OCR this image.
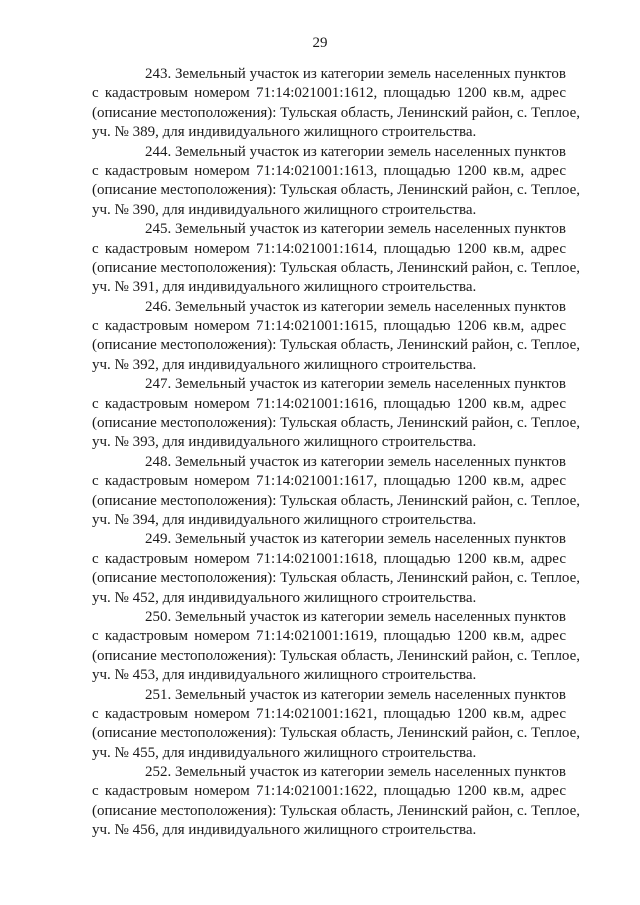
29

243. Земельный участок из категории земель населенных пунктов
с кадастровым номером 71:14:021001:1612, площадью 1200 кв.м, адрес
(описание местоположения): Тульская область, Ленинский район, с. Теплое,
уч. № 389, для индивидуального жилищного строительства.

244. Земельный участок из категории земель населенных пунктов
с кадастровым номером 71:14:021001:1613, площадью 1200 кв.м, адрес
(описание местоположения): Тульская область, Ленинский район, с. Теплое,
уч. № 390, для индивидуального жилищного строительства.

245. Земельный участок из категории земель населенных пунктов
с кадастровым номером 71:14:021001:1614, площадью 1200 кв.м, адрес
(описание местоположения): Тульская область, Ленинский район, с. Теплое,
уч. № 391, для индивидуального жилищного строительства.

246. Земельный участок из категории земель населенных пунктов
с кадастровым номером 71:14:021001:1615, площадью 1206 кв.м, адрес
(описание местоположения): Тульская область, Ленинский район, с. Теплое,
уч. № 392, для индивидуального жилищного строительства.

247. Земельный участок из категории земель населенных пунктов
с кадастровым номером 71:14:021001:1616, площадью 1200 кв.м, адрес
(описание местоположения): Тульская область, Ленинский район, с. Теплое,
уч. № 393, для индивидуального жилищного строительства.

248. Земельный участок из категории земель населенных пунктов
с кадастровым номером 71:14:021001:1617, площадью 1200 кв.м, адрес
(описание местоположения): Тульская область, Ленинский район, с. Теплое,
уч. № 394, для индивидуального жилищного строительства.

249. Земельный участок из категории земель населенных пунктов
с кадастровым номером 71:14:021001:1618, площадью 1200 кв.м, адрес
(описание местоположения): Тульская область, Ленинский район, с. Теплое,
уч. № 452, для индивидуального жилищного строительства.

250. Земельный участок из категории земель населенных пунктов
с кадастровым номером 71:14:021001:1619, площадью 1200 кв.м, адрес
(описание местоположения): Тульская область, Ленинский район, с. Теплое,
уч. № 453, для индивидуального жилищного строительства.

251. Земельный участок из категории земель населенных пунктов
с кадастровым номером 71:14:021001:1621, площадью 1200 кв.м, адрес
(описание местоположения): Тульская область, Ленинский район, с. Теплое,
уч. № 455, для индивидуального жилищного строительства.

252. Земельный участок из категории земель населенных пунктов
с кадастровым номером 71:14:021001:1622, площадью 1200 кв.м, адрес
(описание местоположения): Тульская область, Ленинский район, с. Теплое,
уч. № 456, для индивидуального жилищного строительства.
